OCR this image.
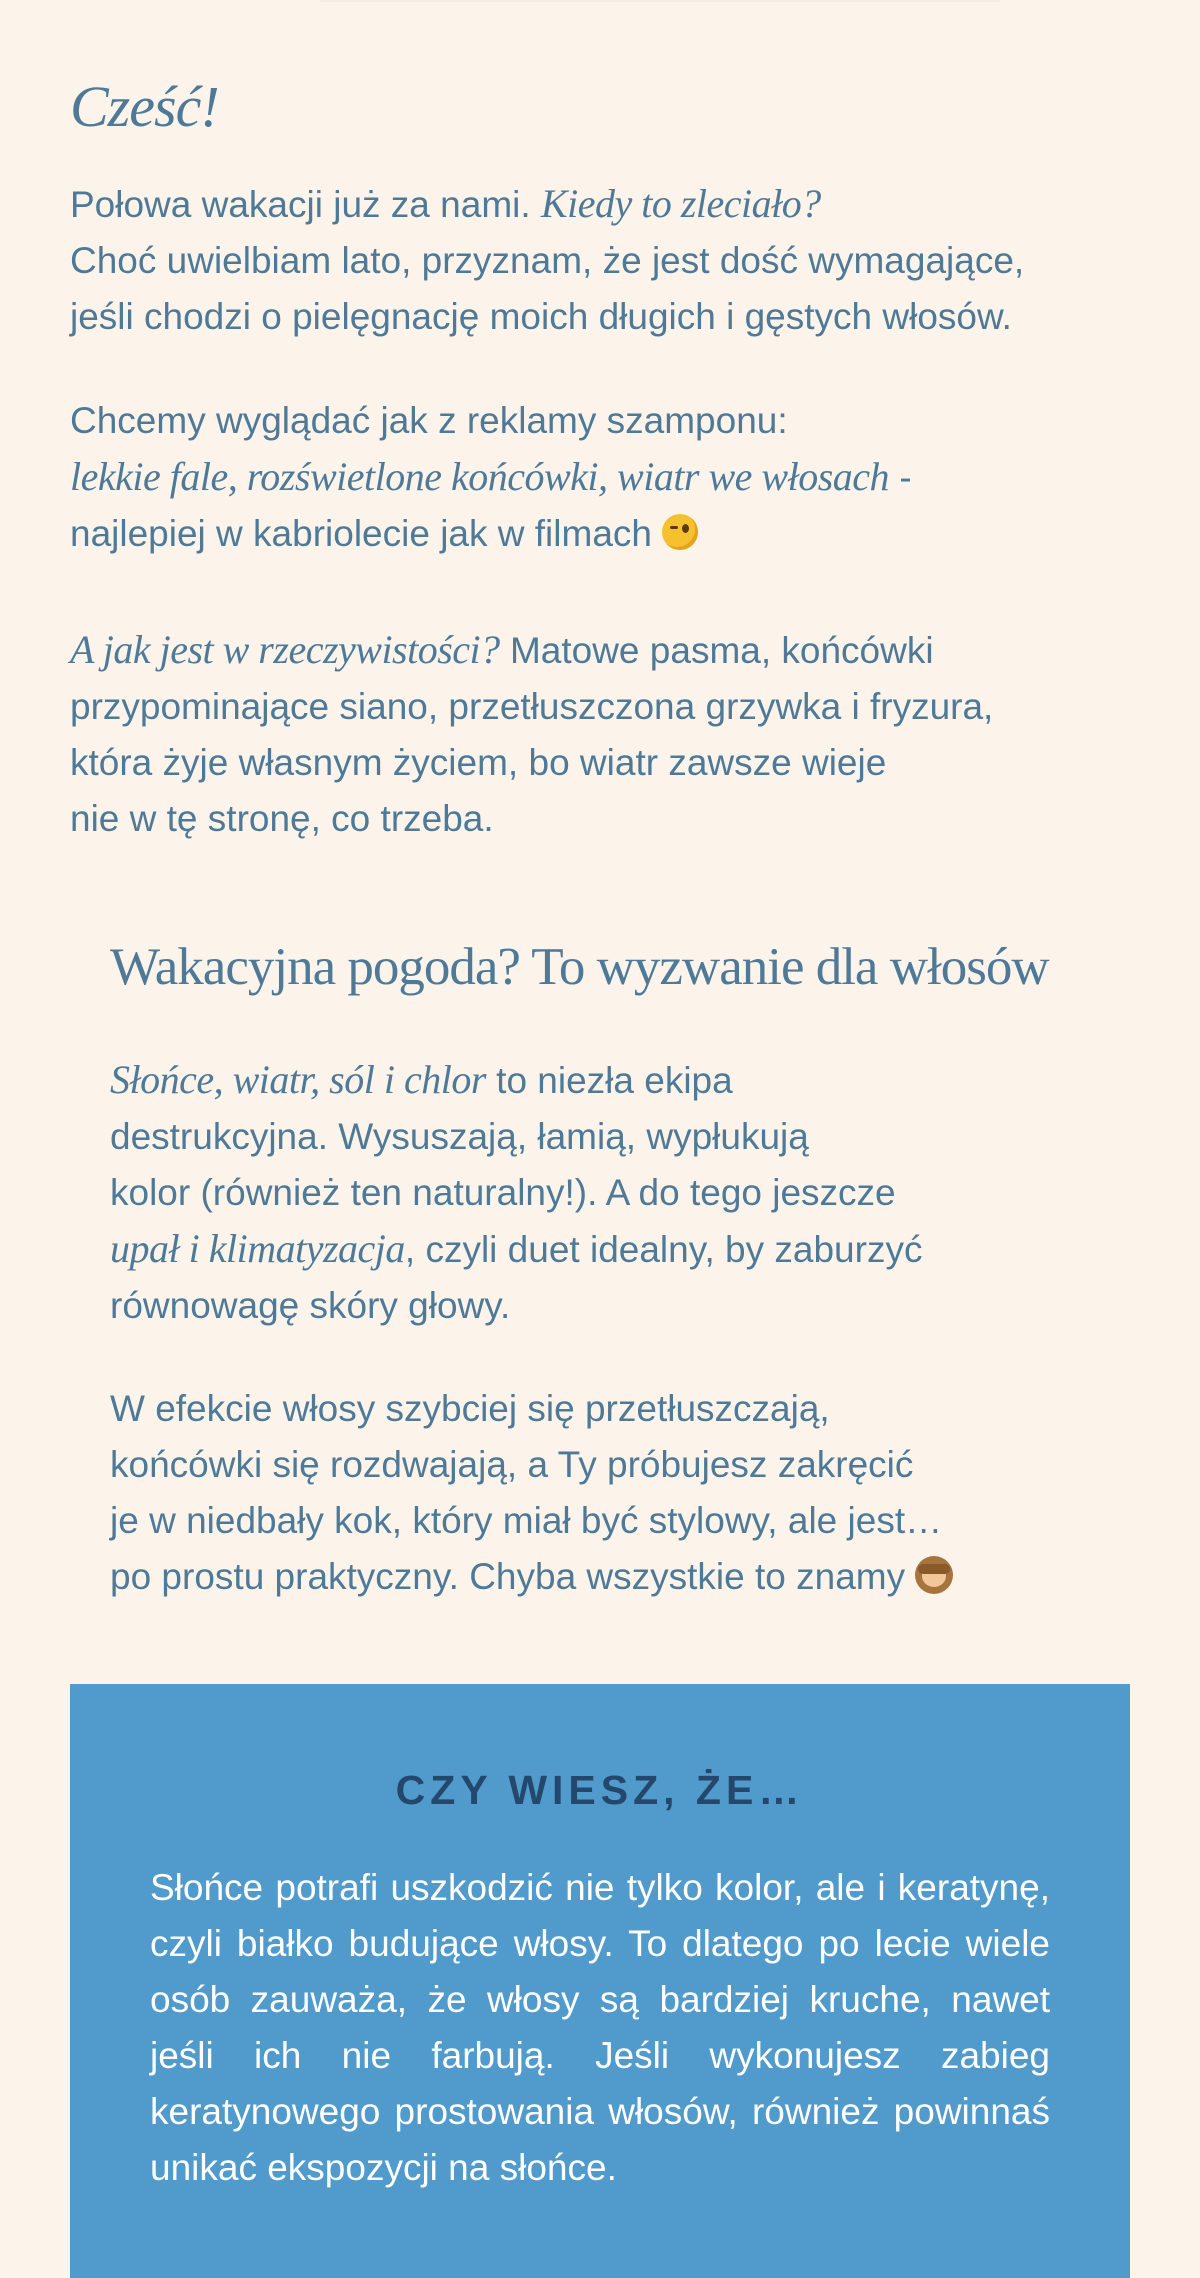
Cześć!

Połowa wakacji już za nami. Kiedy to zleciało?
Choć uwielbiam lato, przyznam, że jest dość wymagające,
jeśli chodzi o pielęgnację moich długich i gęstych włosów.

Chcemy wyglądać jak z reklamy szamponu:
lekkie fale, rozświetlone końcówki, wiatr we włosach -
najlepiej w kabriolecie jak w filmach

A jak jest w rzeczywistości? Matowe pasma, końcówki
przypominające siano, przetłuszczona grzywka i fryzura,
która żyje własnym życiem, bo wiatr zawsze wieje
nie w tę stronę, co trzeba.

Wakacyjna pogoda? To wyzwanie dla włosów

Słońce, wiatr, sól i chlor to niezła ekipa
destrukcyjna. Wysuszają, łamią, wypłukują
kolor (również ten naturalny!). A do tego jeszcze
upał i klimatyzacja, czyli duet idealny, by zaburzyć
równowagę skóry głowy.

W efekcie włosy szybciej się przetłuszczają,
końcówki się rozdwajają, a Ty próbujesz zakręcić
je w niedbały kok, który miał być stylowy, ale jest…
po prostu praktyczny. Chyba wszystkie to znamy

CZY WIESZ, ŻE…

Słońce potrafi uszkodzić nie tylko kolor, ale i keratynę, czyli białko budujące włosy. To dlatego po lecie wiele osób zauważa, że włosy są bardziej kruche, nawet jeśli ich nie farbują. Jeśli wykonujesz zabieg keratynowego prostowania włosów, również powinnaś unikać ekspozycji na słońce.
